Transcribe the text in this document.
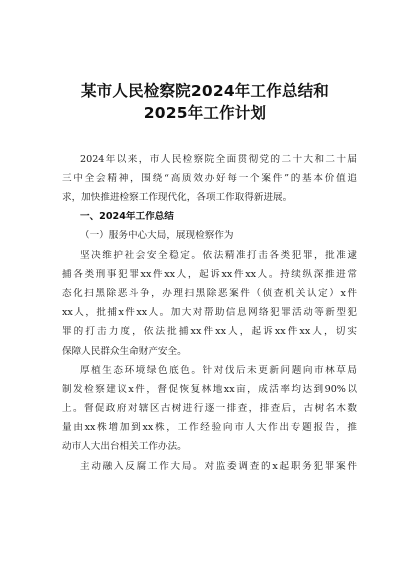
某市人民检察院2024年工作总结和
2025年工作计划
2024年以来，市人民检察院全面贯彻党的二十大和二十届
三中全会精神，围绕“高质效办好每一个案件”的基本价值追
求，加快推进检察工作现代化，各项工作取得新进展。
一、2024年工作总结
（一）服务中心大局，展现检察作为
坚决维护社会安全稳定。依法精准打击各类犯罪，批准逮
捕各类刑事犯罪xx件xx人，起诉xx件xx人。持续纵深推进常
态化扫黑除恶斗争，办理扫黑除恶案件（侦查机关认定）x件
xx人，批捕x件xx人。加大对帮助信息网络犯罪活动等新型犯
罪的打击力度，依法批捕xx件xx人，起诉xx件xx人，切实
保障人民群众生命财产安全。
厚植生态环境绿色底色。针对伐后未更新问题向市林草局
制发检察建议x件，督促恢复林地xx亩，成活率均达到90%以
上。督促政府对辖区古树进行逐一排查，排查后，古树名木数
量由xx株增加到xx株，工作经验向市人大作出专题报告，推
动市人大出台相关工作办法。
主动融入反腐工作大局。对监委调查的x起职务犯罪案件
